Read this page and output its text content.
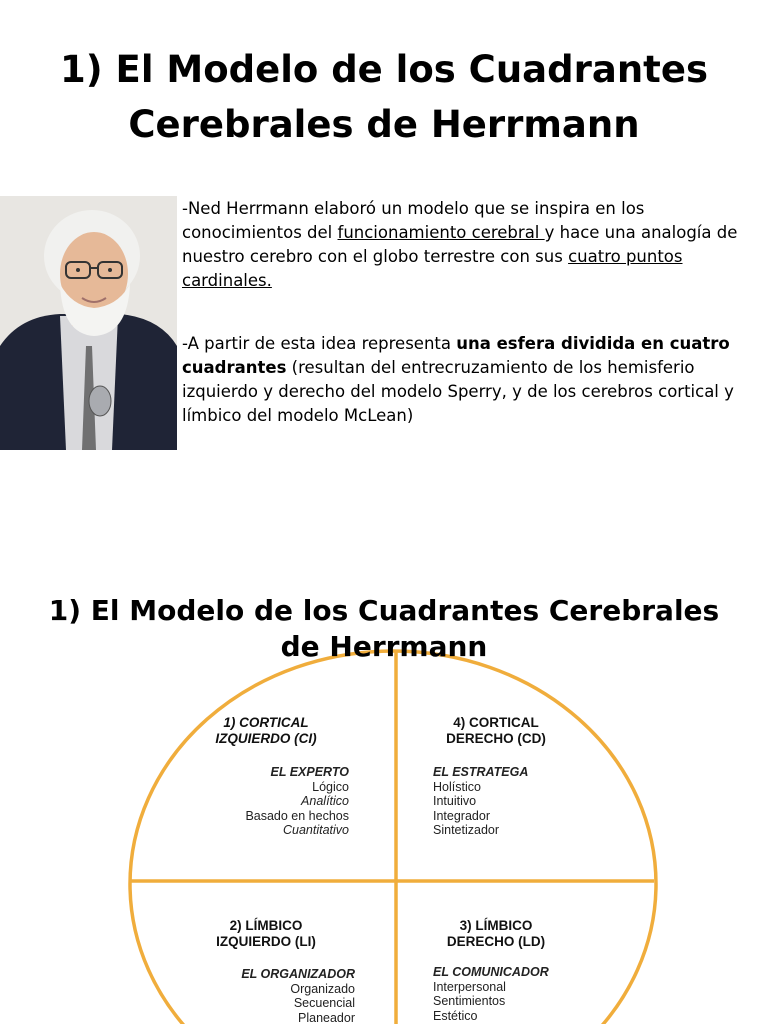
1) El Modelo de los Cuadrantes
Cerebrales de Herrmann
-Ned Herrmann elaboró un modelo que se inspira en los conocimientos del funcionamiento cerebral y hace una analogía de nuestro cerebro con el globo terrestre con sus cuatro puntos cardinales.
-A partir de esta idea representa una esfera dividida en cuatro cuadrantes (resultan del entrecruzamiento de los hemisferio izquierdo y derecho del modelo Sperry, y de los cerebros cortical y límbico del modelo McLean)
1) El Modelo de los Cuadrantes Cerebrales
de Herrmann
1) CORTICAL
IZQUIERDO (CI)
EL EXPERTO
Lógico
Analítico
Basado en hechos
Cuantitativo
4) CORTICAL
DERECHO (CD)
EL ESTRATEGA
Holístico
Intuitivo
Integrador
Sintetizador
2) LÍMBICO
IZQUIERDO (LI)
EL ORGANIZADOR
Organizado
Secuencial
Planeador
3) LÍMBICO
DERECHO (LD)
EL COMUNICADOR
Interpersonal
Sentimientos
Estético
